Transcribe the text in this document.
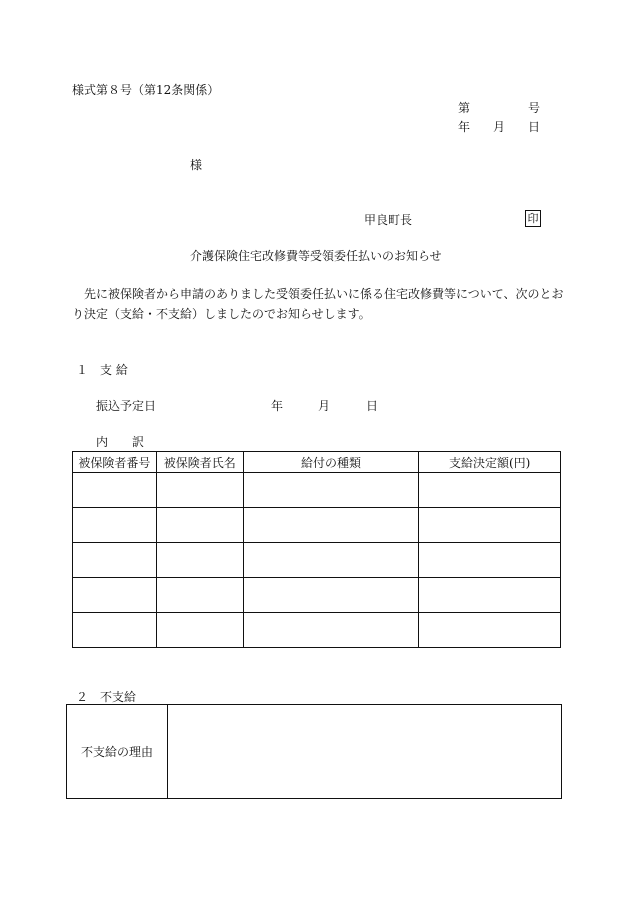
様式第８号（第12条関係）
第	号
年 月 日
様
甲良町長	印
介護保険住宅改修費等受領委任払いのお知らせ
　先に被保険者から申請のありました受領委任払いに係る住宅改修費等について、次のとお
り決定（支給・不支給）しましたのでお知らせします。
１　支 給
振込予定日	年	月	日
内　　訳
被保険者番号	被保険者氏名	給付の種類	支給決定額(円)

２　不支給
不支給の理由	
